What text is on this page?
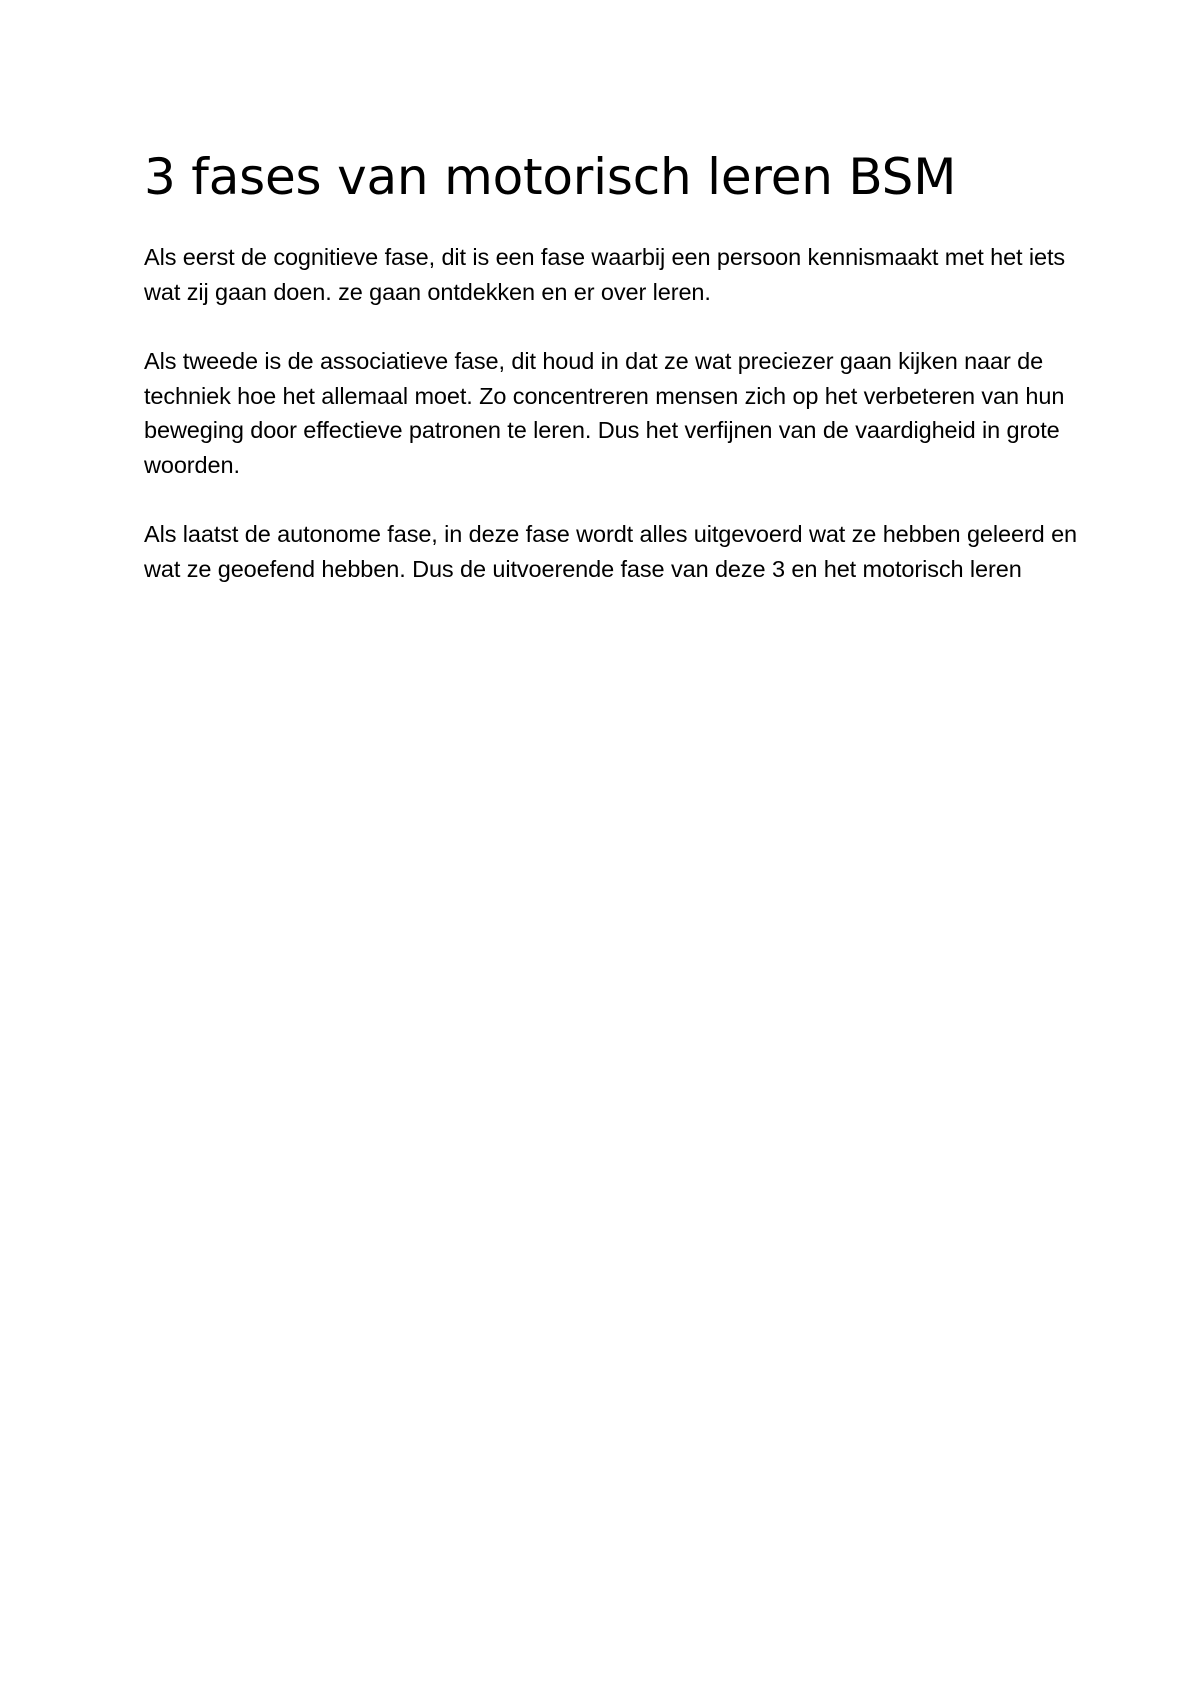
3 fases van motorisch leren BSM

Als eerst de cognitieve fase, dit is een fase waarbij een persoon kennismaakt met het iets wat zij gaan doen. ze gaan ontdekken en er over leren.

Als tweede is de associatieve fase, dit houd in dat ze wat preciezer gaan kijken naar de techniek hoe het allemaal moet. Zo concentreren mensen zich op het verbeteren van hun beweging door effectieve patronen te leren. Dus het verfijnen van de vaardigheid in grote woorden.

Als laatst de autonome fase, in deze fase wordt alles uitgevoerd wat ze hebben geleerd en wat ze geoefend hebben. Dus de uitvoerende fase van deze 3 en het motorisch leren
